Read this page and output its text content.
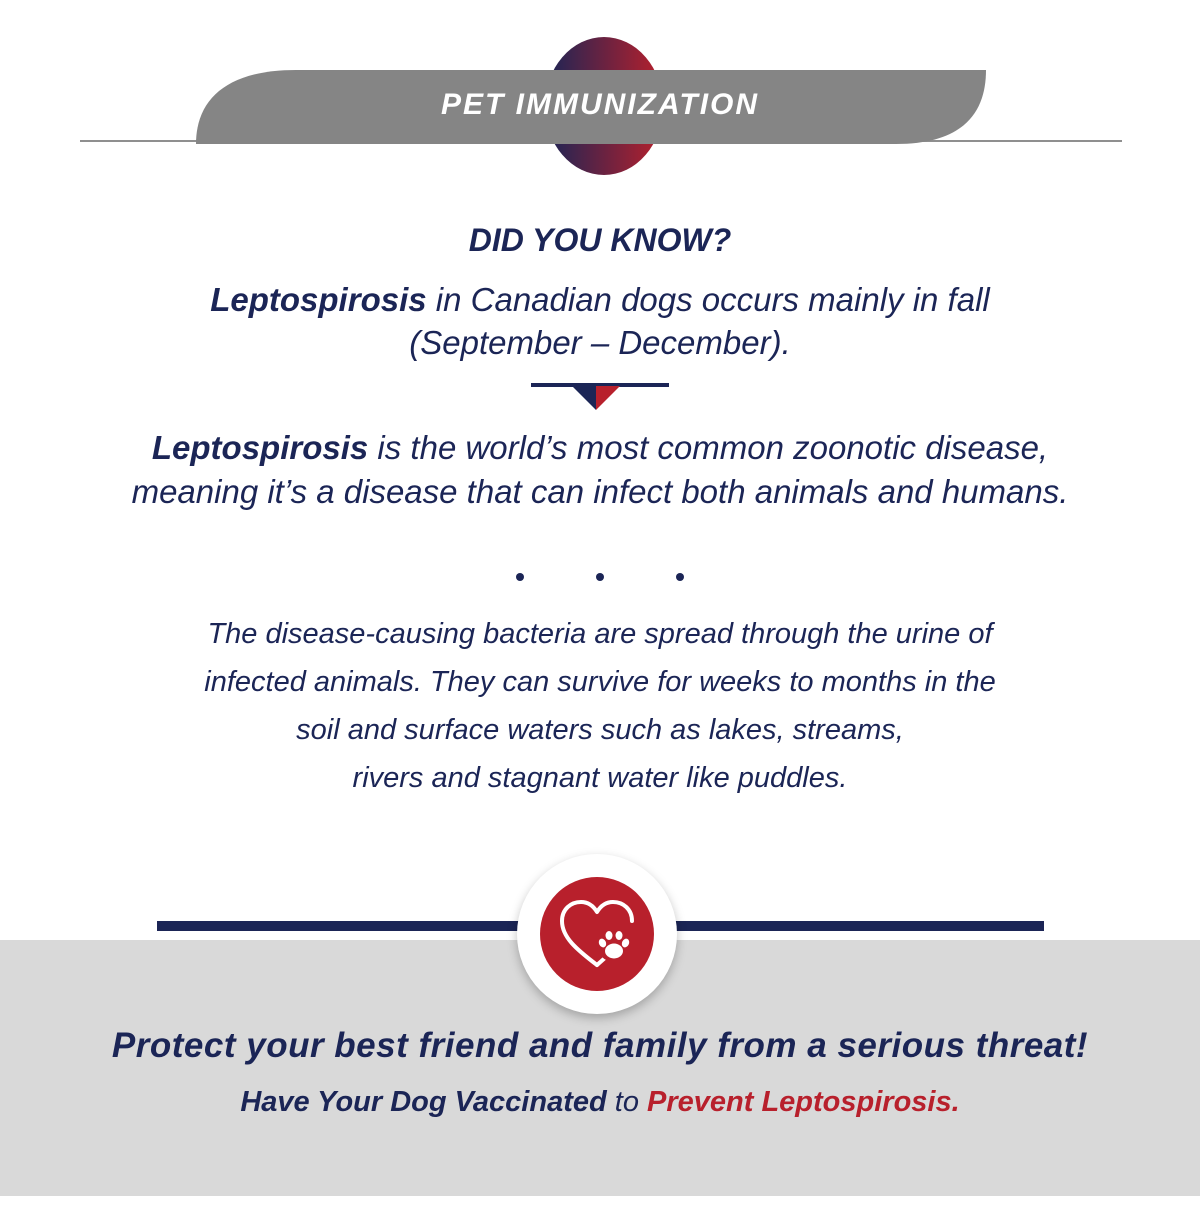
PET IMMUNIZATION
DID YOU KNOW?
Leptospirosis in Canadian dogs occurs mainly in fall
(September – December).
Leptospirosis is the world’s most common zoonotic disease,
meaning it’s a disease that can infect both animals and humans.
The disease-causing bacteria are spread through the urine of
infected animals. They can survive for weeks to months in the
soil and surface waters such as lakes, streams,
rivers and stagnant water like puddles.
Protect your best friend and family from a serious threat!
Have Your Dog Vaccinated to Prevent Leptospirosis.
